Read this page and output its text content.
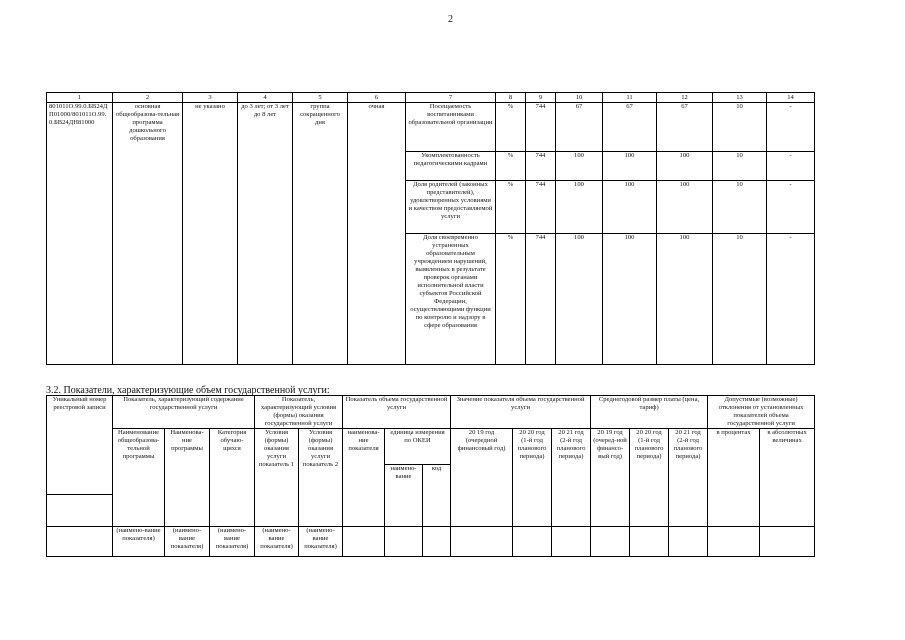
2
1	2	3	4	5	6	7	8	9	10	11	12	13	14
801011О.99.0.БВ24ДП01000/801011О.99.0.БВ24ДН81000	основная общеобразова-тельная программа дошкольного образования	не указано	до 3 лет; от 3 лет до 8 лет	группа сокращенного дня	очная	Посещаемость воспитанниками образовательной организации	%	744	67	67	67	10	-
						Укомплектованность педагогическими кадрами	%	744	100	100	100	10	-
						Доля родителей (законных представителей), удовлетворенных условиями и качеством предоставляемой услуги	%	744	100	100	100	10	-
						Доля своевременно устраненных образовательным учреждением нарушений, выявленных в результате проверок органами исполнительной власти субъектов Российской Федерации, осуществляющими функции по контролю и надзору в сфере образования	%	744	100	100	100	10	-
3.2. Показатели, характеризующие объем государственной услуги:
Уникальный номер реестровой записи	Показатель, характеризующий содержание государственной услуги			Показатель, характеризующий условия (формы) оказания государственной услуги		Показатель объема государственной услуги			Значение показателя объема государственной услуги			Среднегодовой размер платы (цена, тариф)			Допустимые (возможные) отклонения от установленных показателей объема государственной услуги	
	Наименование общеобразова-тельной программы	Наименова-ние программы	Категория обучаю-щихся	Условия (формы) оказания услуги показатель 1	Условия (формы) оказания услуги показатель 2	наименова-ние показателя	единица измерения по ОКЕИ		20 19 год (очередной финансовый год)	20 20 год (1-й год планового периода)	20 21 год (2-й год планового периода)	20 19 год (очеред-ной финансо-вый год)	20 20 год (1-й год планового периода)	20 21 год (2-й год планового периода)	в процентах	в абсолютных величинах
							наимено-вание	код								

	(наимено-вание показателя)	(наимено-вание показателя)	(наимено-вание показателя)	(наимено-вание показателя)	(наимено-вание показателя)											
